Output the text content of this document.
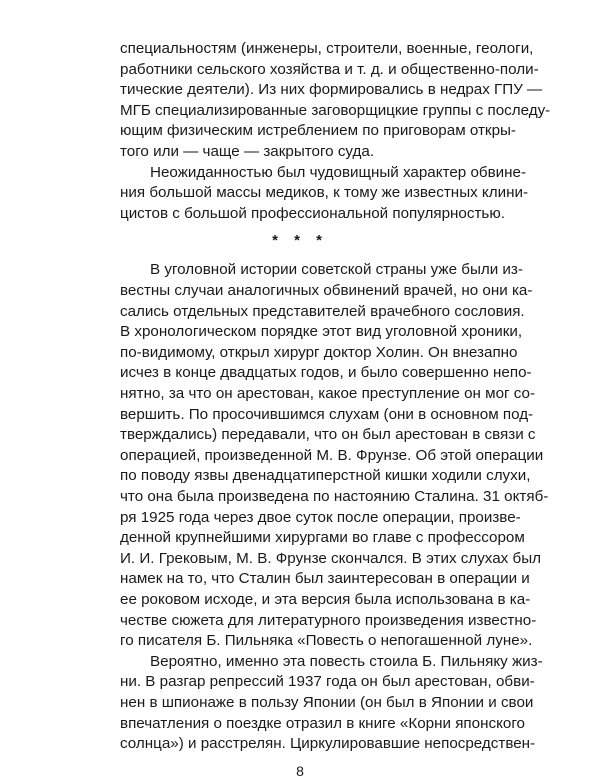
специальностям (инженеры, строители, военные, геологи,
работники сельского хозяйства и т. д. и общественно-поли-
тические деятели). Из них формировались в недрах ГПУ —
МГБ специализированные заговорщицкие группы с последу-
ющим физическим истреблением по приговорам откры-
того или — чаще — закрытого суда.
Неожиданностью был чудовищный характер обвине-
ния большой массы медиков, к тому же известных клини-
цистов с большой профессиональной популярностью.
* * *
В уголовной истории советской страны уже были из-
вестны случаи аналогичных обвинений врачей, но они ка-
сались отдельных представителей врачебного сословия.
В хронологическом порядке этот вид уголовной хроники,
по-видимому, открыл хирург доктор Холин. Он внезапно
исчез в конце двадцатых годов, и было совершенно непо-
нятно, за что он арестован, какое преступление он мог со-
вершить. По просочившимся слухам (они в основном под-
тверждались) передавали, что он был арестован в связи с
операцией, произведенной М. В. Фрунзе. Об этой операции
по поводу язвы двенадцатиперстной кишки ходили слухи,
что она была произведена по настоянию Сталина. 31 октяб-
ря 1925 года через двое суток после операции, произве-
денной крупнейшими хирургами во главе с профессором
И. И. Грековым, М. В. Фрунзе скончался. В этих слухах был
намек на то, что Сталин был заинтересован в операции и
ее роковом исходе, и эта версия была использована в ка-
честве сюжета для литературного произведения известно-
го писателя Б. Пильняка «Повесть о непогашенной луне».
Вероятно, именно эта повесть стоила Б. Пильняку жиз-
ни. В разгар репрессий 1937 года он был арестован, обви-
нен в шпионаже в пользу Японии (он был в Японии и свои
впечатления о поездке отразил в книге «Корни японского
солнца») и расстрелян. Циркулировавшие непосредствен-
8
